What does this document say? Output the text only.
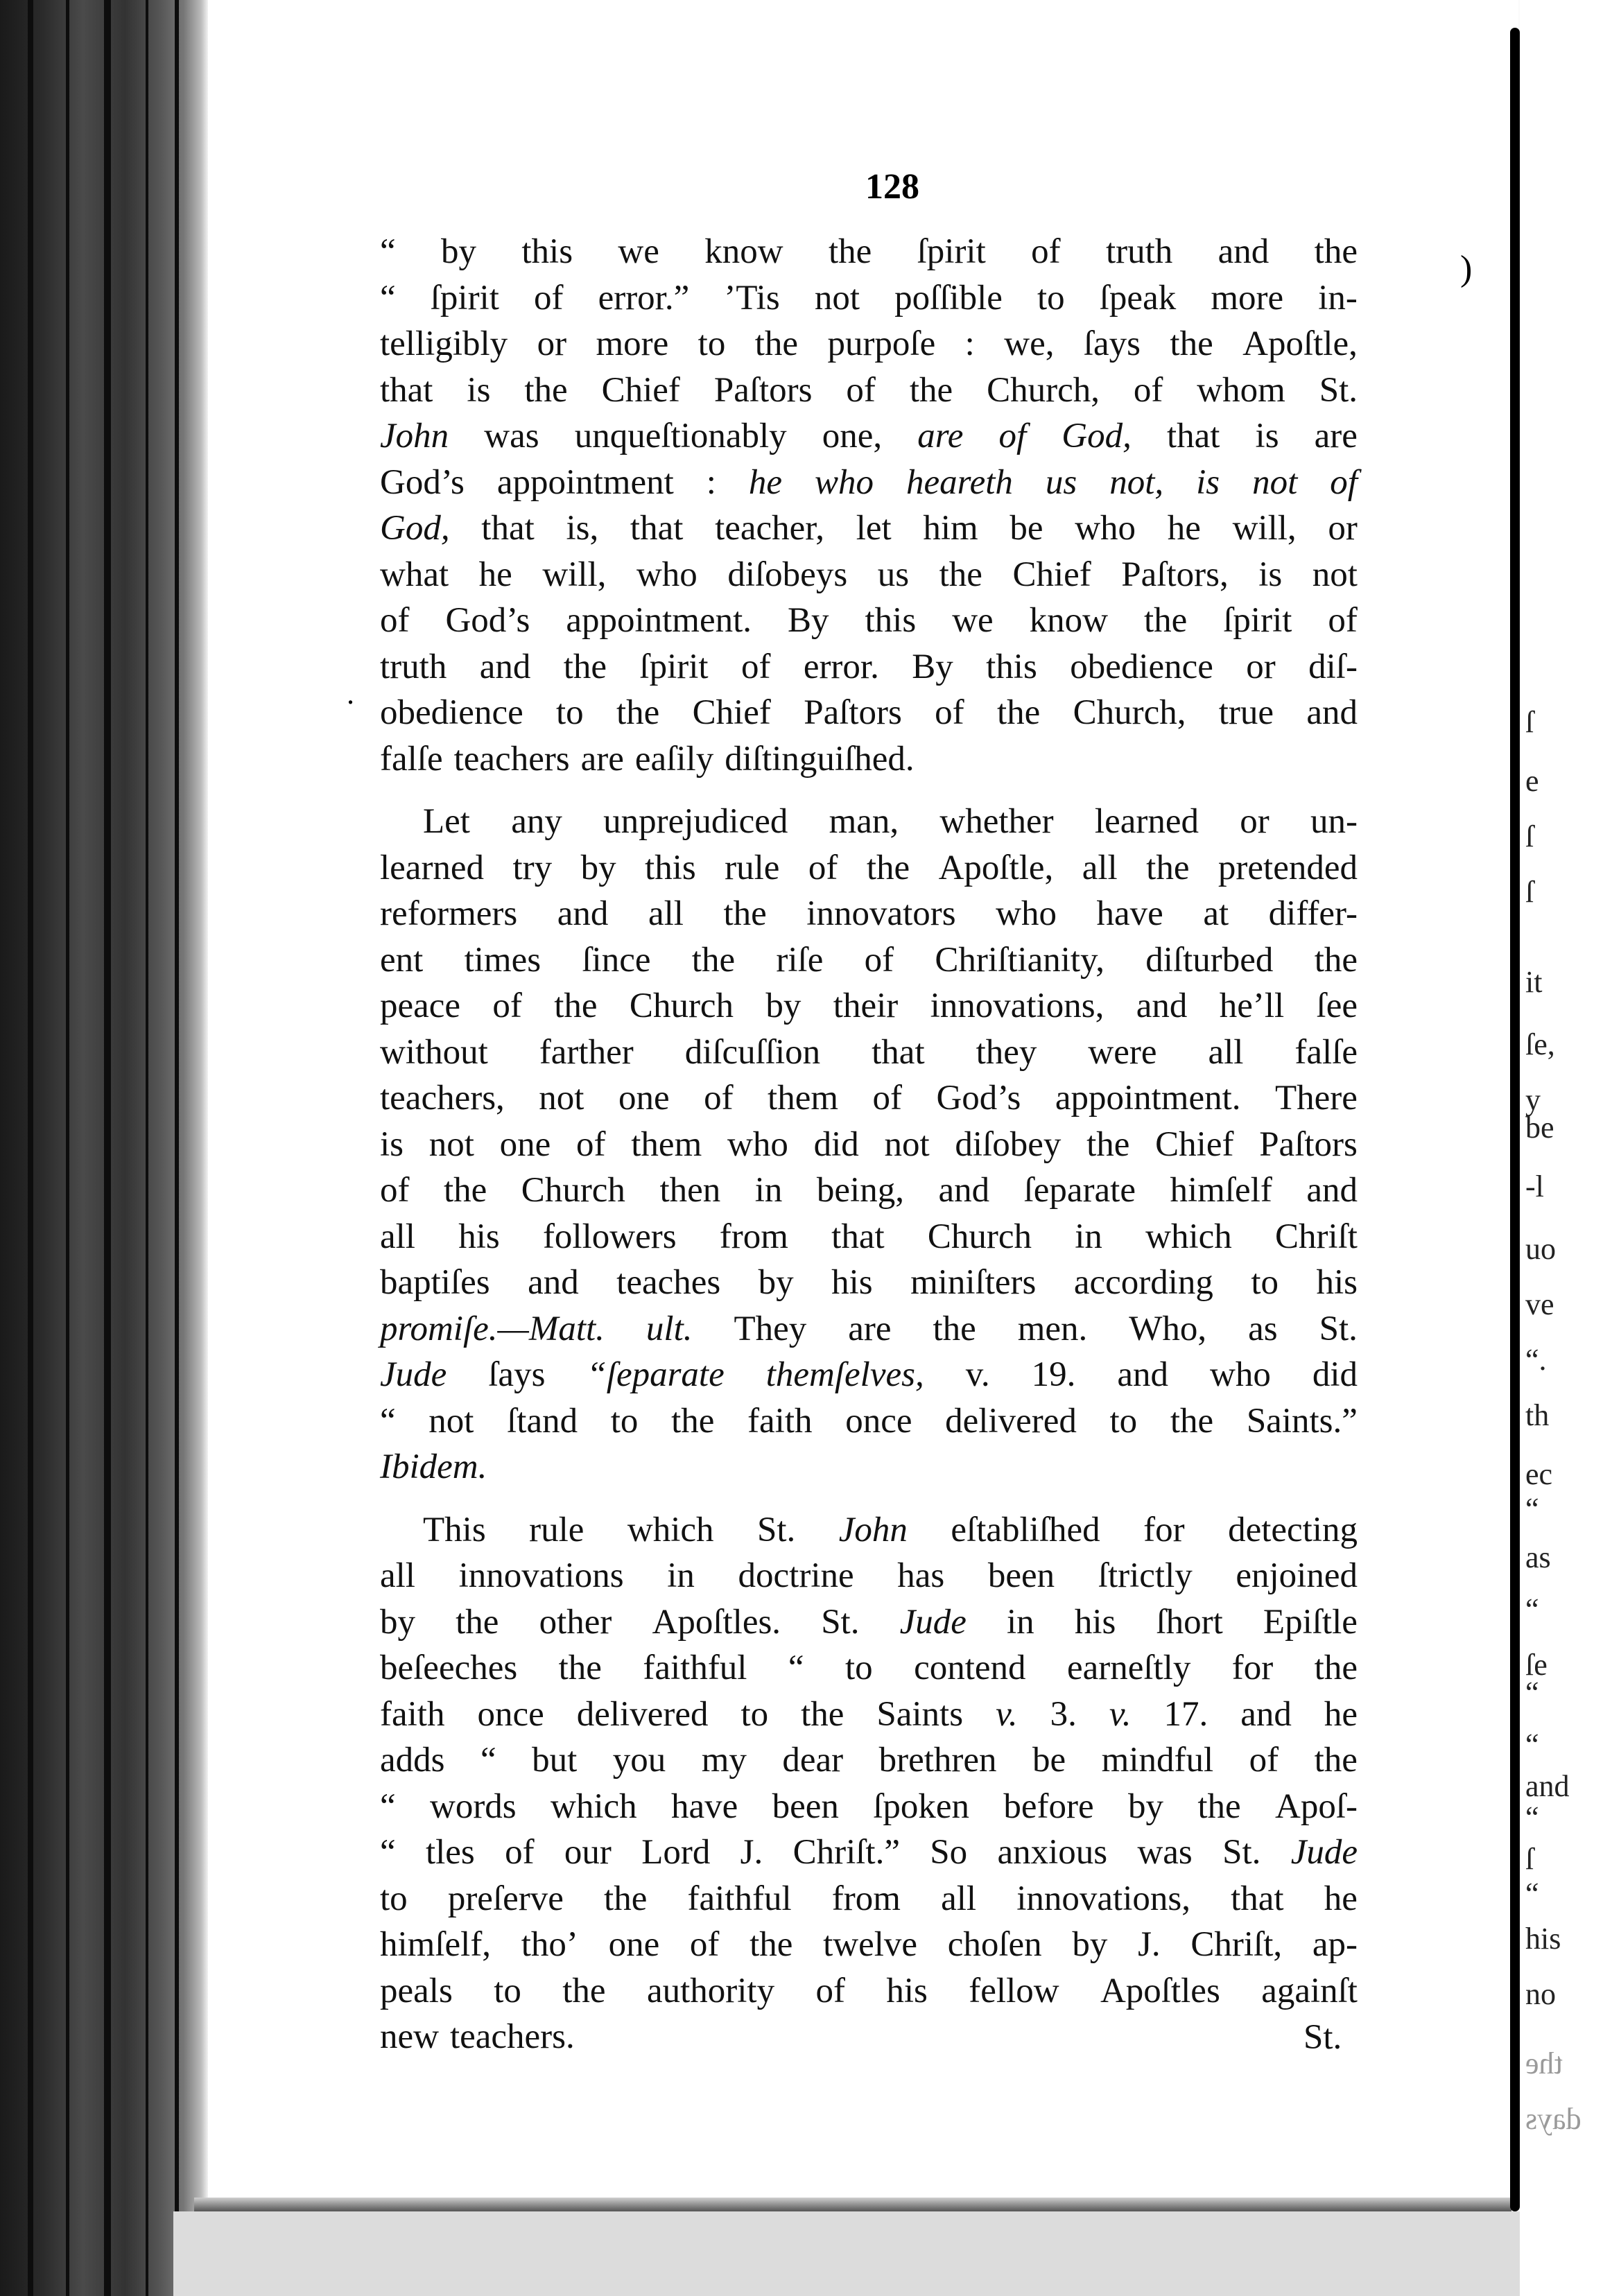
ſ
e
ſ
ſ
it
ſe,
y
be
-l
uo
ve
“.
th
ec
“
as
“
ſe
“
“
and
“
ſ
“
his
no
the
days
128
)
.
“ by this we know the ſpirit of truth and the
“ ſpirit of error.” ’Tis not poſſible to ſpeak more in-
telligibly or more to the purpoſe : we, ſays the Apoſtle,
that is the Chief Paſtors of the Church, of whom St.
John was unqueſtionably one, are of God, that is are
God’s appointment : he who heareth us not, is not of
God, that is, that teacher, let him be who he will, or
what he will, who diſobeys us the Chief Paſtors, is not
of God’s appointment. By this we know the ſpirit of
truth and the ſpirit of error. By this obedience or diſ-
obedience to the Chief Paſtors of the Church, true and
falſe teachers are eaſily diſtinguiſhed.
Let any unprejudiced man, whether learned or un-
learned try by this rule of the Apoſtle, all the pretended
reformers and all the innovators who have at differ-
ent times ſince the riſe of Chriſtianity, diſturbed the
peace of the Church by their innovations, and he’ll ſee
without farther diſcuſſion that they were all falſe
teachers, not one of them of God’s appointment. There
is not one of them who did not diſobey the Chief Paſtors
of the Church then in being, and ſeparate himſelf and
all his followers from that Church in which Chriſt
baptiſes and teaches by his miniſters according to his
promiſe.—Matt. ult. They are the men. Who, as St.
Jude ſays “ſeparate themſelves, v. 19. and who did
“ not ſtand to the faith once delivered to the Saints.”
Ibidem.
This rule which St. John eſtabliſhed for detecting
all innovations in doctrine has been ſtrictly enjoined
by the other Apoſtles. St. Jude in his ſhort Epiſtle
beſeeches the faithful “ to contend earneſtly for the
faith once delivered to the Saints v. 3. v. 17. and he
adds “ but you my dear brethren be mindful of the
“ words which have been ſpoken before by the Apoſ-
“ tles of our Lord J. Chriſt.” So anxious was St. Jude
to preſerve the faithful from all innovations, that he
himſelf, tho’ one of the twelve choſen by J. Chriſt, ap-
peals to the authority of his fellow Apoſtles againſt
new teachers.	St.
